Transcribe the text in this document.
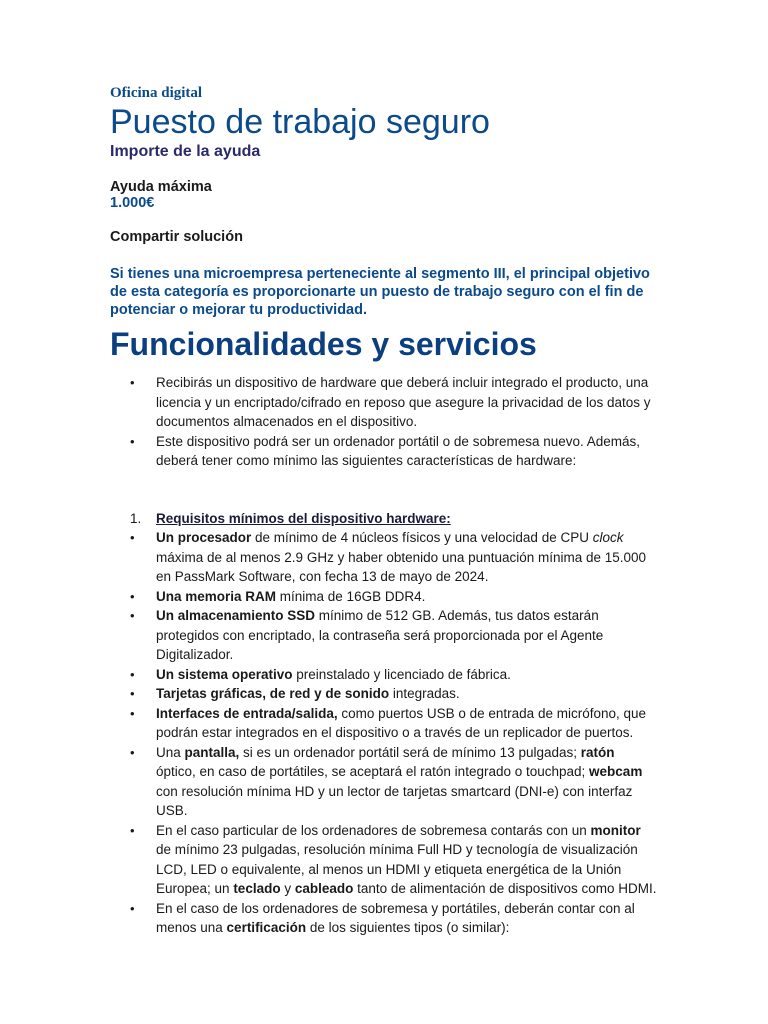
Oficina digital
Puesto de trabajo seguro
Importe de la ayuda
Ayuda máxima
1.000€
Compartir solución

Si tienes una microempresa perteneciente al segmento III, el principal objetivo de esta categoría es proporcionarte un puesto de trabajo seguro con el fin de potenciar o mejorar tu productividad.

Funcionalidades y servicios
• Recibirás un dispositivo de hardware que deberá incluir integrado el producto, una licencia y un encriptado/cifrado en reposo que asegure la privacidad de los datos y documentos almacenados en el dispositivo.
• Este dispositivo podrá ser un ordenador portátil o de sobremesa nuevo. Además, deberá tener como mínimo las siguientes características de hardware:
1. Requisitos mínimos del dispositivo hardware:
• Un procesador de mínimo de 4 núcleos físicos y una velocidad de CPU clock máxima de al menos 2.9 GHz y haber obtenido una puntuación mínima de 15.000 en PassMark Software, con fecha 13 de mayo de 2024.
• Una memoria RAM mínima de 16GB DDR4.
• Un almacenamiento SSD mínimo de 512 GB. Además, tus datos estarán protegidos con encriptado, la contraseña será proporcionada por el Agente Digitalizador.
• Un sistema operativo preinstalado y licenciado de fábrica.
• Tarjetas gráficas, de red y de sonido integradas.
• Interfaces de entrada/salida, como puertos USB o de entrada de micrófono, que podrán estar integrados en el dispositivo o a través de un replicador de puertos.
• Una pantalla, si es un ordenador portátil será de mínimo 13 pulgadas; ratón óptico, en caso de portátiles, se aceptará el ratón integrado o touchpad; webcam con resolución mínima HD y un lector de tarjetas smartcard (DNI-e) con interfaz USB.
• En el caso particular de los ordenadores de sobremesa contarás con un monitor de mínimo 23 pulgadas, resolución mínima Full HD y tecnología de visualización LCD, LED o equivalente, al menos un HDMI y etiqueta energética de la Unión Europea; un teclado y cableado tanto de alimentación de dispositivos como HDMI.
• En el caso de los ordenadores de sobremesa y portátiles, deberán contar con al menos una certificación de los siguientes tipos (o similar):
